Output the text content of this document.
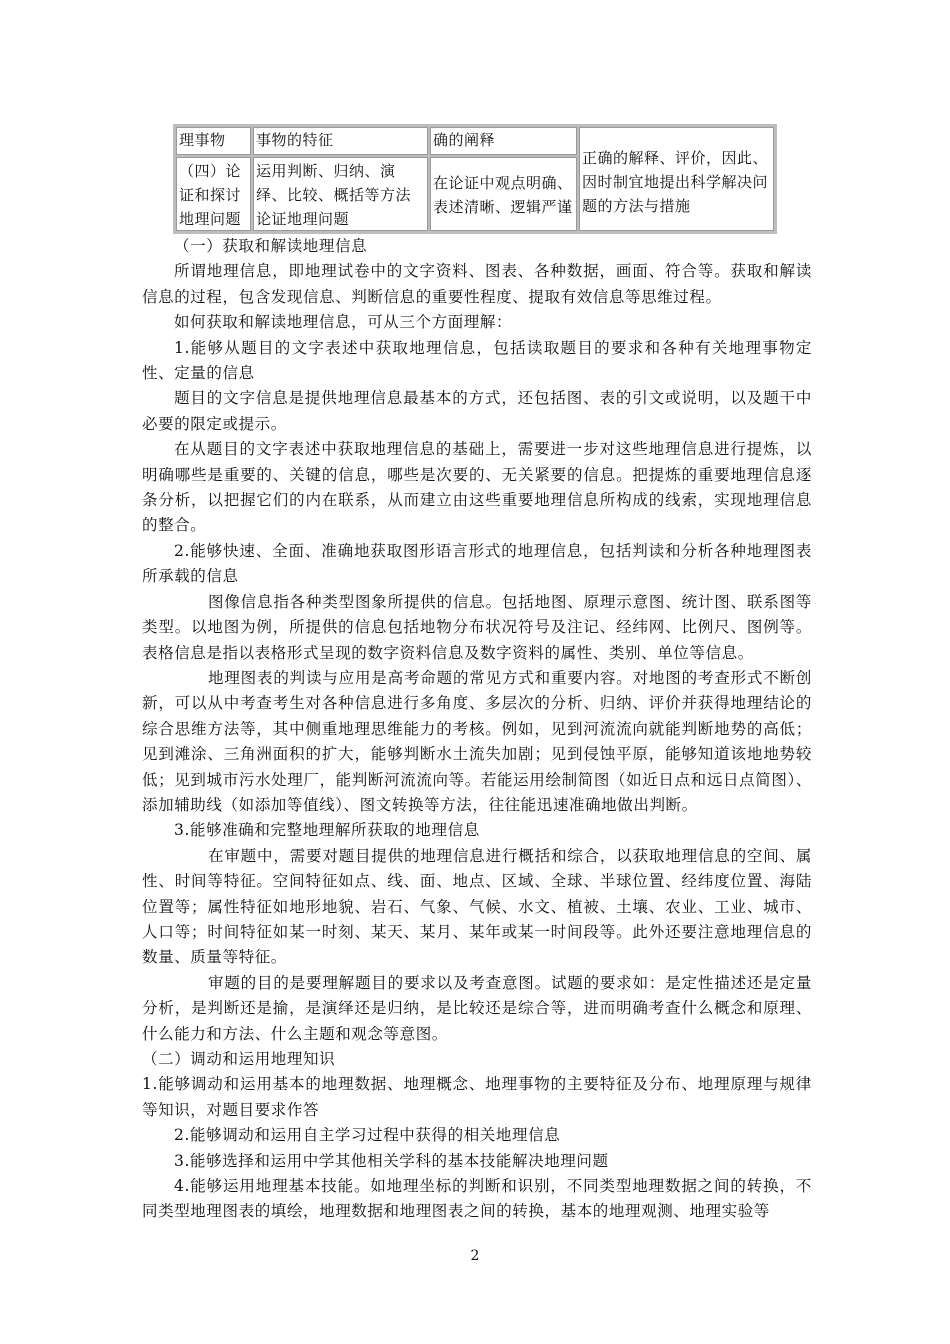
理事物	事物的特征	确的阐释
（四）论证和探讨地理问题
运用判断、归纳、演绎、比较、概括等方法论证地理问题
在论证中观点明确、表述清晰、逻辑严谨
正确的解释、评价，因此、因时制宜地提出科学解决问题的方法与措施

（一）获取和解读地理信息

所谓地理信息，即地理试卷中的文字资料、图表、各种数据，画面、符合等。获取和解读信息的过程，包含发现信息、判断信息的重要性程度、提取有效信息等思维过程。

如何获取和解读地理信息，可从三个方面理解：

1.能够从题目的文字表述中获取地理信息，包括读取题目的要求和各种有关地理事物定性、定量的信息

题目的文字信息是提供地理信息最基本的方式，还包括图、表的引文或说明，以及题干中必要的限定或提示。

在从题目的文字表述中获取地理信息的基础上，需要进一步对这些地理信息进行提炼，以明确哪些是重要的、关键的信息，哪些是次要的、无关紧要的信息。把提炼的重要地理信息逐条分析，以把握它们的内在联系，从而建立由这些重要地理信息所构成的线索，实现地理信息的整合。

2.能够快速、全面、准确地获取图形语言形式的地理信息，包括判读和分析各种地理图表所承载的信息

图像信息指各种类型图象所提供的信息。包括地图、原理示意图、统计图、联系图等类型。以地图为例，所提供的信息包括地物分布状况符号及注记、经纬网、比例尺、图例等。表格信息是指以表格形式呈现的数字资料信息及数字资料的属性、类别、单位等信息。

地理图表的判读与应用是高考命题的常见方式和重要内容。对地图的考查形式不断创新，可以从中考查考生对各种信息进行多角度、多层次的分析、归纳、评价并获得地理结论的综合思维方法等，其中侧重地理思维能力的考核。例如，见到河流流向就能判断地势的高低；见到滩涂、三角洲面积的扩大，能够判断水土流失加剧；见到侵蚀平原，能够知道该地地势较低；见到城市污水处理厂，能判断河流流向等。若能运用绘制简图（如近日点和远日点简图）、添加辅助线（如添加等值线）、图文转换等方法，往往能迅速准确地做出判断。

3.能够准确和完整地理解所获取的地理信息

在审题中，需要对题目提供的地理信息进行概括和综合，以获取地理信息的空间、属性、时间等特征。空间特征如点、线、面、地点、区域、全球、半球位置、经纬度位置、海陆位置等；属性特征如地形地貌、岩石、气象、气候、水文、植被、土壤、农业、工业、城市、人口等；时间特征如某一时刻、某天、某月、某年或某一时间段等。此外还要注意地理信息的数量、质量等特征。

审题的目的是要理解题目的要求以及考查意图。试题的要求如：是定性描述还是定量分析，是判断还是揄，是演绎还是归纳，是比较还是综合等，进而明确考查什么概念和原理、什么能力和方法、什么主题和观念等意图。

（二）调动和运用地理知识

1.能够调动和运用基本的地理数据、地理概念、地理事物的主要特征及分布、地理原理与规律等知识，对题目要求作答

2.能够调动和运用自主学习过程中获得的相关地理信息

3.能够选择和运用中学其他相关学科的基本技能解决地理问题

4.能够运用地理基本技能。如地理坐标的判断和识别，不同类型地理数据之间的转换，不同类型地理图表的填绘，地理数据和地理图表之间的转换，基本的地理观测、地理实验等

2
